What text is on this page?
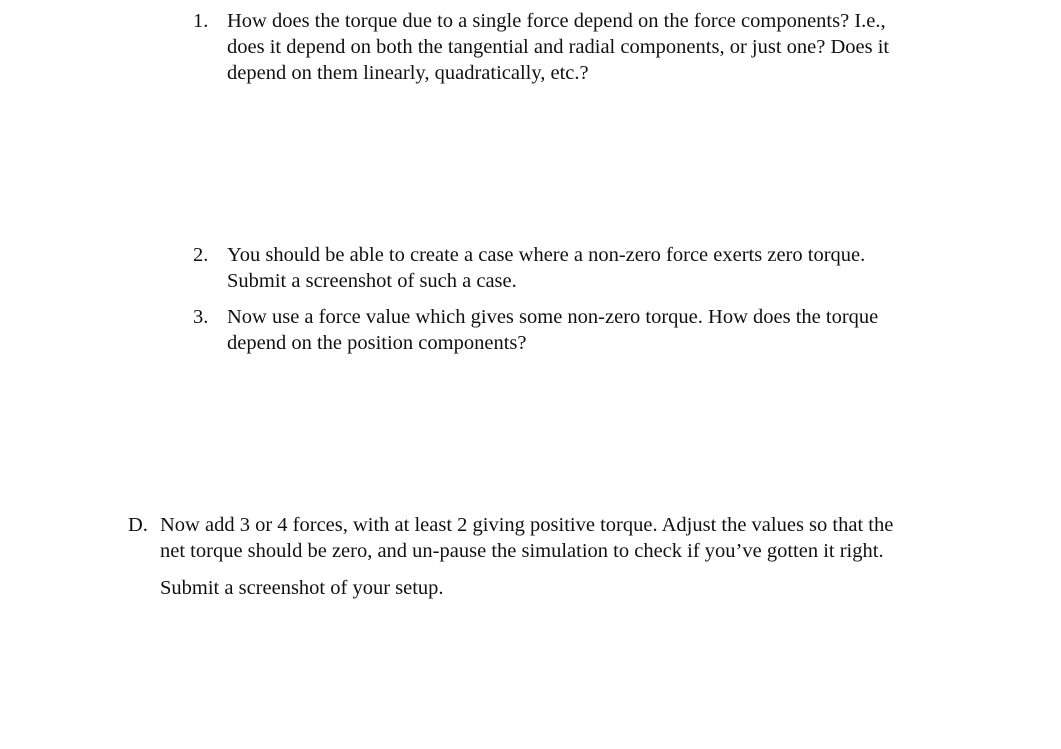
1. How does the torque due to a single force depend on the force components? I.e.,
does it depend on both the tangential and radial components, or just one? Does it
depend on them linearly, quadratically, etc.?
2. You should be able to create a case where a non-zero force exerts zero torque.
Submit a screenshot of such a case.
3. Now use a force value which gives some non-zero torque. How does the torque
depend on the position components?
D. Now add 3 or 4 forces, with at least 2 giving positive torque. Adjust the values so that the
net torque should be zero, and un-pause the simulation to check if you’ve gotten it right.
Submit a screenshot of your setup.
